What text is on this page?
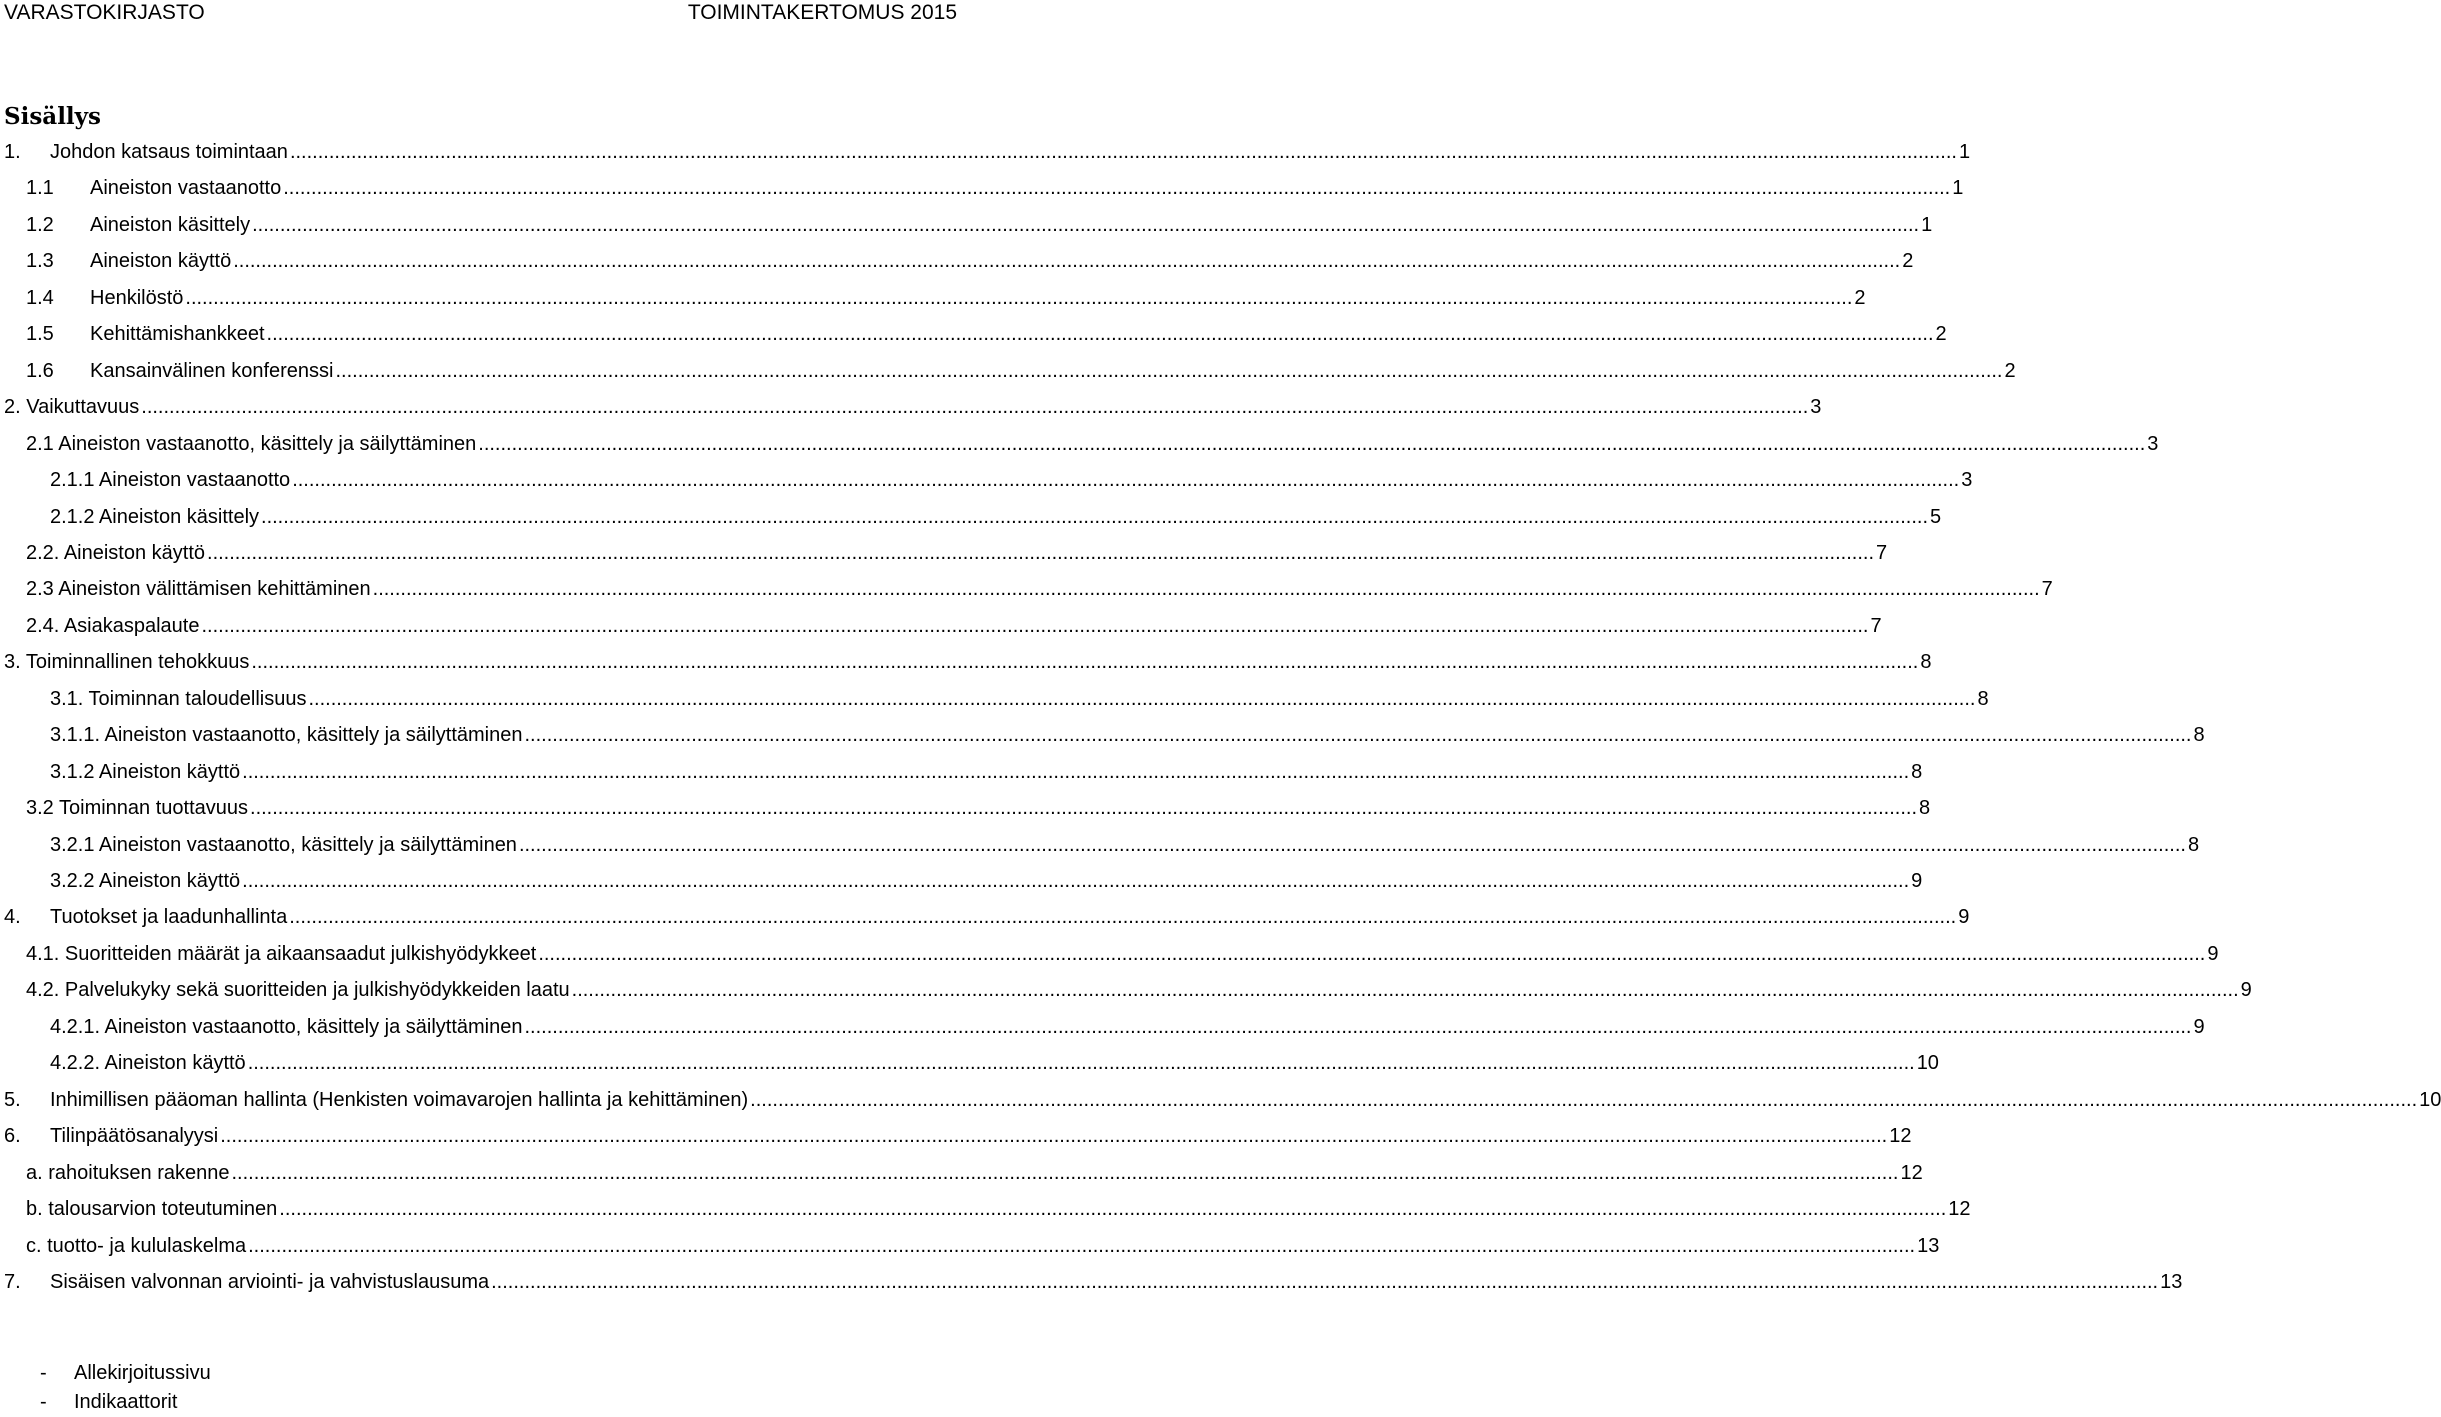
VARASTOKIRJASTO	TOIMINTAKERTOMUS 2015
Sisällys
1.	Johdon katsaus toimintaan ............................................................................................................................................................................................................................................................................................................ 1
1.1	Aineiston vastaanotto ............................................................................................................................................................................................................................................................................................................ 1
1.2	Aineiston käsittely ............................................................................................................................................................................................................................................................................................................ 1
1.3	Aineiston käyttö ............................................................................................................................................................................................................................................................................................................ 2
1.4	Henkilöstö ............................................................................................................................................................................................................................................................................................................ 2
1.5	Kehittämishankkeet ............................................................................................................................................................................................................................................................................................................ 2
1.6	Kansainvälinen konferenssi ............................................................................................................................................................................................................................................................................................................ 2
2. Vaikuttavuus ............................................................................................................................................................................................................................................................................................................ 3
2.1 Aineiston vastaanotto, käsittely ja säilyttäminen ............................................................................................................................................................................................................................................................................................................ 3
2.1.1 Aineiston vastaanotto ............................................................................................................................................................................................................................................................................................................ 3
2.1.2 Aineiston käsittely ............................................................................................................................................................................................................................................................................................................ 5
2.2. Aineiston käyttö ............................................................................................................................................................................................................................................................................................................ 7
2.3 Aineiston välittämisen kehittäminen ............................................................................................................................................................................................................................................................................................................ 7
2.4. Asiakaspalaute ............................................................................................................................................................................................................................................................................................................ 7
3. Toiminnallinen tehokkuus ............................................................................................................................................................................................................................................................................................................ 8
3.1. Toiminnan taloudellisuus ............................................................................................................................................................................................................................................................................................................ 8
3.1.1. Aineiston vastaanotto, käsittely ja säilyttäminen ............................................................................................................................................................................................................................................................................................................ 8
3.1.2 Aineiston käyttö ............................................................................................................................................................................................................................................................................................................ 8
3.2 Toiminnan tuottavuus ............................................................................................................................................................................................................................................................................................................ 8
3.2.1 Aineiston vastaanotto, käsittely ja säilyttäminen ............................................................................................................................................................................................................................................................................................................ 8
3.2.2 Aineiston käyttö ............................................................................................................................................................................................................................................................................................................ 9
4.	Tuotokset ja laadunhallinta ............................................................................................................................................................................................................................................................................................................ 9
4.1. Suoritteiden määrät ja aikaansaadut julkishyödykkeet ............................................................................................................................................................................................................................................................................................................ 9
4.2. Palvelukyky sekä suoritteiden ja julkishyödykkeiden laatu ............................................................................................................................................................................................................................................................................................................ 9
4.2.1. Aineiston vastaanotto, käsittely ja säilyttäminen ............................................................................................................................................................................................................................................................................................................ 9
4.2.2. Aineiston käyttö ............................................................................................................................................................................................................................................................................................................ 10
5.	Inhimillisen pääoman hallinta (Henkisten voimavarojen hallinta ja kehittäminen) ............................................................................................................................................................................................................................................................................................................ 10
6.	Tilinpäätösanalyysi ............................................................................................................................................................................................................................................................................................................ 12
a. rahoituksen rakenne ............................................................................................................................................................................................................................................................................................................ 12
b. talousarvion toteutuminen ............................................................................................................................................................................................................................................................................................................ 12
c. tuotto- ja kululaskelma ............................................................................................................................................................................................................................................................................................................ 13
7.	Sisäisen valvonnan arviointi- ja vahvistuslausuma ............................................................................................................................................................................................................................................................................................................ 13
-	Allekirjoitussivu
-	Indikaattorit
